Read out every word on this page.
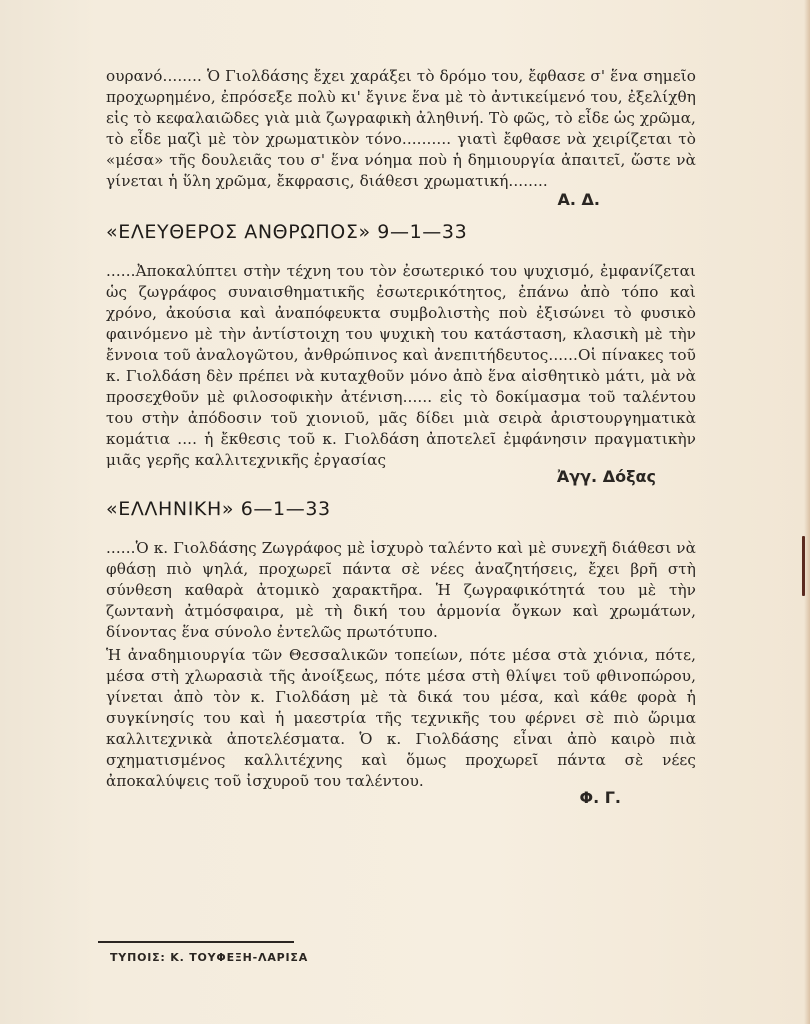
ουρανό........ Ὁ Γιολδάσης ἔχει χαράξει τὸ δρόμο του, ἔφθασε σ' ἕνα σημεῖο προχωρημένο, ἐπρόσεξε πολὺ κι' ἔγινε ἕνα μὲ τὸ ἀντικείμενό του, ἐξελίχθη εἰς τὸ κεφαλαιῶδες γιὰ μιὰ ζωγραφικὴ ἀληθινή. Τὸ φῶς, τὸ εἶδε ὡς χρῶμα, τὸ εἶδε μαζὶ μὲ τὸν χρωματικὸν τόνο.......... γιατὶ ἔφθασε νὰ χειρίζεται τὸ «μέσα» τῆς δουλειᾶς του σ' ἕνα νόημα ποὺ ἡ δημιουργία ἀπαιτεῖ, ὥστε νὰ γίνεται ἡ ὕλη χρῶμα, ἔκφρασις, διάθεσι χρωματική........

Α. Δ.
«ΕΛΕΥΘΕΡΟΣ ΑΝΘΡΩΠΟΣ» 9—1—33

......Ἀποκαλύπτει στὴν τέχνη του τὸν ἐσωτερικό του ψυχισμό, ἐμφανίζεται ὡς ζωγράφος συναισθηματικῆς ἐσωτερικότητος, ἐπάνω ἀπὸ τόπο καὶ χρόνο, ἀκούσια καὶ ἀναπόφευκτα συμβολιστὴς ποὺ ἐξισώνει τὸ φυσικὸ φαινόμενο μὲ τὴν ἀντίστοιχη του ψυχικὴ του κατάσταση, κλασικὴ μὲ τὴν ἔννοια τοῦ ἀναλογῶτου, ἀνθρώπινος καὶ ἀνεπιτήδευτος......Οἱ πίνακες τοῦ κ. Γιολδάση δὲν πρέπει νὰ κυταχθοῦν μόνο ἀπὸ ἕνα αἰσθητικὸ μάτι, μὰ νὰ προσεχθοῦν μὲ φιλοσοφικὴν ἀτένιση...... εἰς τὸ δοκίμασμα τοῦ ταλέντου του στὴν ἀπόδοσιν τοῦ χιονιοῦ, μᾶς δίδει μιὰ σειρὰ ἀριστουργηματικὰ κομάτια .... ἡ ἔκθεσις τοῦ κ. Γιολδάση ἀποτελεῖ ἐμφάνησιν πραγματικὴν μιᾶς γερῆς καλλιτεχνικῆς ἐργασίας

Ἀγγ. Δόξας
«ΕΛΛΗΝΙΚΗ» 6—1—33

......Ὁ κ. Γιολδάσης Ζωγράφος μὲ ἰσχυρὸ ταλέντο καὶ μὲ συνεχῆ διάθεσι νὰ φθάσῃ πιὸ ψηλά, προχωρεῖ πάντα σὲ νέες ἀναζητήσεις, ἔχει βρῆ στὴ σύνθεση καθαρὰ ἀτομικὸ χαρακτῆρα. Ἡ ζωγραφικότητά του μὲ τὴν ζωντανὴ ἀτμόσφαιρα, μὲ τὴ δική του ἁρμονία ὄγκων καὶ χρωμάτων, δίνοντας ἕνα σύνολο ἐντελῶς πρωτότυπο.

Ἡ ἀναδημιουργία τῶν Θεσσαλικῶν τοπείων, πότε μέσα στὰ χιόνια, πότε, μέσα στὴ χλωρασιὰ τῆς ἀνοίξεως, πότε μέσα στὴ θλίψει τοῦ φθινοπώρου, γίνεται ἀπὸ τὸν κ. Γιολδάση μὲ τὰ δικά του μέσα, καὶ κάθε φορὰ ἡ συγκίνησίς του καὶ ἡ μαεστρία τῆς τεχνικῆς του φέρνει σὲ πιὸ ὥριμα καλλιτεχνικὰ ἀποτελέσματα. Ὁ κ. Γιολδάσης εἶναι ἀπὸ καιρὸ πιὰ σχηματισμένος καλλιτέχνης καὶ ὅμως προχωρεῖ πάντα σὲ νέες ἀποκαλύψεις τοῦ ἰσχυροῦ του ταλέντου.

Φ. Γ.
ΤΥΠΟΙΣ: Κ. ΤΟΥΦΕΞΗ-ΛΑΡΙΣΑ
